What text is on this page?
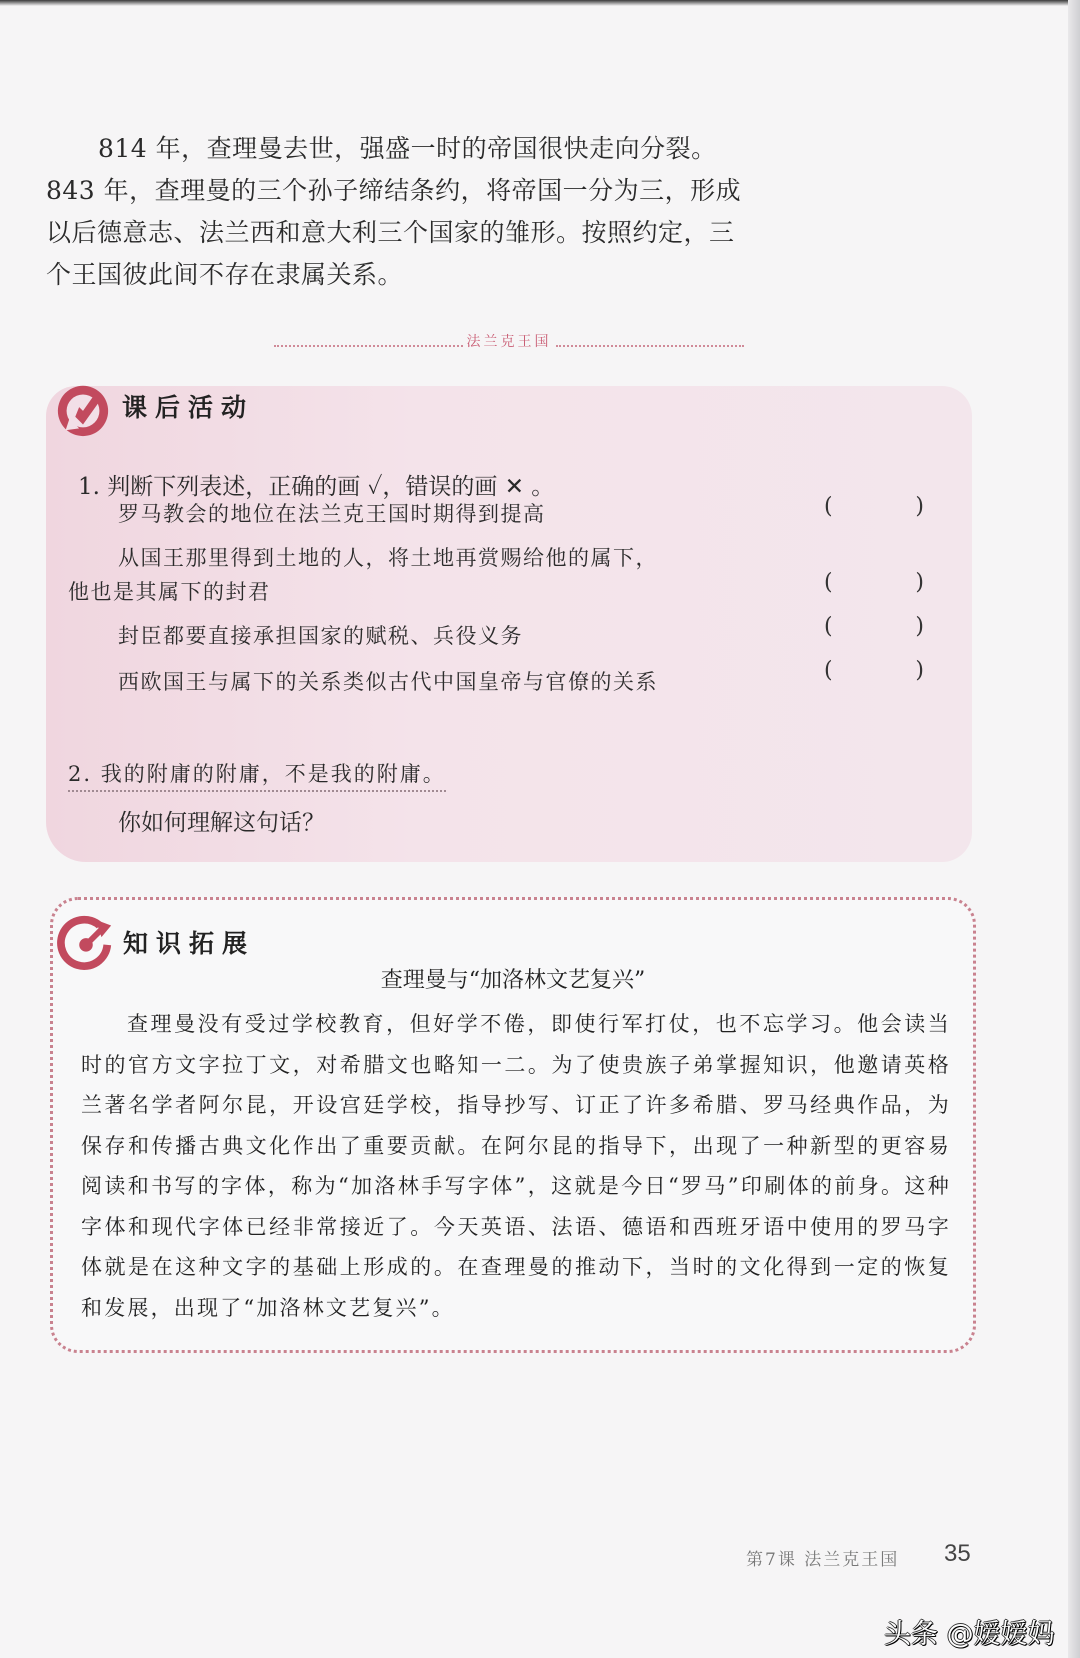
814 年，查理曼去世，强盛一时的帝国很快走向分裂。

843 年，查理曼的三个孙子缔结条约，将帝国一分为三，形成以后德意志、法兰西和意大利三个国家的雏形。按照约定，三个王国彼此间不存在隶属关系。

法兰克王国
课后活动
1. 判断下列表述，正确的画 ✓，错误的画 ✕ 。
罗马教会的地位在法兰克王国时期得到提高	(	)
从国王那里得到土地的人，将土地再赏赐给他的属下，
他也是其属下的封君	(	)
封臣都要直接承担国家的赋税、兵役义务	(	)
西欧国王与属下的关系类似古代中国皇帝与官僚的关系	(	)
2. 我的附庸的附庸，不是我的附庸。
你如何理解这句话？
知识拓展
查理曼与“加洛林文艺复兴”
查理曼没有受过学校教育，但好学不倦，即使行军打仗，也不忘学习。他会读当时的官方文字拉丁文，对希腊文也略知一二。为了使贵族子弟掌握知识，他邀请英格兰著名学者阿尔昆，开设宫廷学校，指导抄写、订正了许多希腊、罗马经典作品，为保存和传播古典文化作出了重要贡献。在阿尔昆的指导下，出现了一种新型的更容易阅读和书写的字体，称为“加洛林手写字体”，这就是今日“罗马”印刷体的前身。这种字体和现代字体已经非常接近了。今天英语、法语、德语和西班牙语中使用的罗马字体就是在这种文字的基础上形成的。在查理曼的推动下，当时的文化得到一定的恢复和发展，出现了“加洛林文艺复兴”。
第7课 法兰克王国 35
头条 @嫒嫒妈
